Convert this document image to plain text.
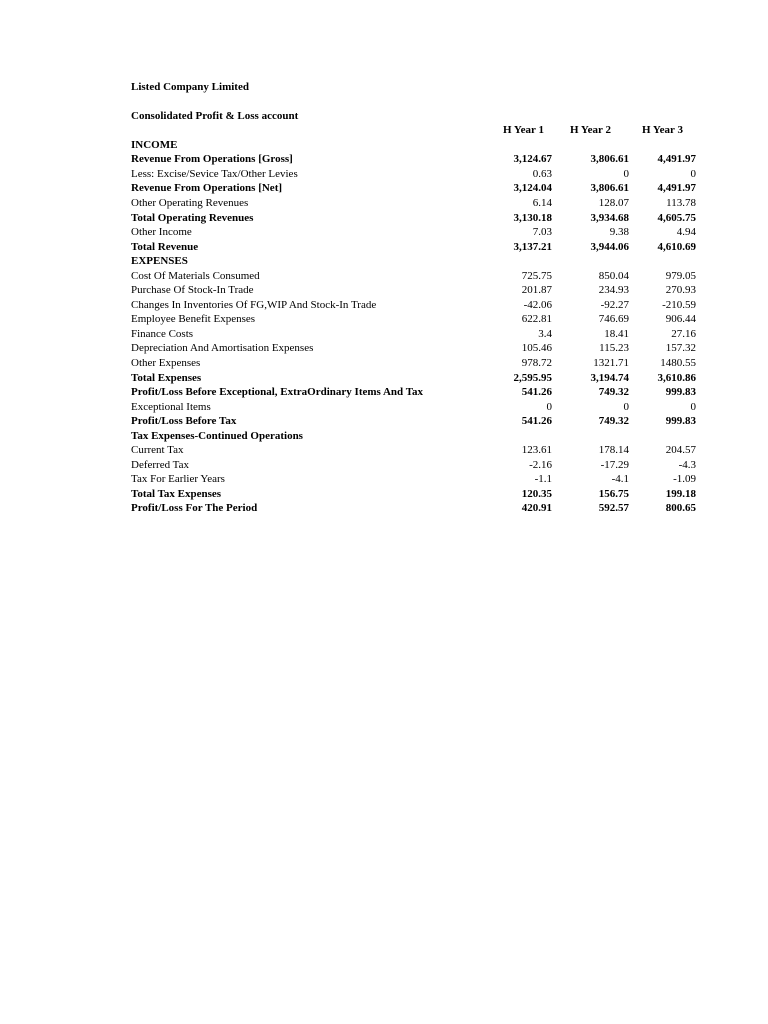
Listed Company Limited
Consolidated Profit & Loss account
	H Year 1	H Year 2	H Year 3
INCOME			
Revenue From Operations [Gross]	3,124.67	3,806.61	4,491.97
Less: Excise/Sevice Tax/Other Levies	0.63	0	0
Revenue From Operations [Net]	3,124.04	3,806.61	4,491.97
Other Operating Revenues	6.14	128.07	113.78
Total Operating Revenues	3,130.18	3,934.68	4,605.75
Other Income	7.03	9.38	4.94
Total Revenue	3,137.21	3,944.06	4,610.69
EXPENSES			
Cost Of Materials Consumed	725.75	850.04	979.05
Purchase Of Stock-In Trade	201.87	234.93	270.93
Changes In Inventories Of FG,WIP And Stock-In Trade	-42.06	-92.27	-210.59
Employee Benefit Expenses	622.81	746.69	906.44
Finance Costs	3.4	18.41	27.16
Depreciation And Amortisation Expenses	105.46	115.23	157.32
Other Expenses	978.72	1321.71	1480.55
Total Expenses	2,595.95	3,194.74	3,610.86
Profit/Loss Before Exceptional, ExtraOrdinary Items And Tax	541.26	749.32	999.83
Exceptional Items	0	0	0
Profit/Loss Before Tax	541.26	749.32	999.83
Tax Expenses-Continued Operations			
Current Tax	123.61	178.14	204.57
Deferred Tax	-2.16	-17.29	-4.3
Tax For Earlier Years	-1.1	-4.1	-1.09
Total Tax Expenses	120.35	156.75	199.18
Profit/Loss For The Period	420.91	592.57	800.65
